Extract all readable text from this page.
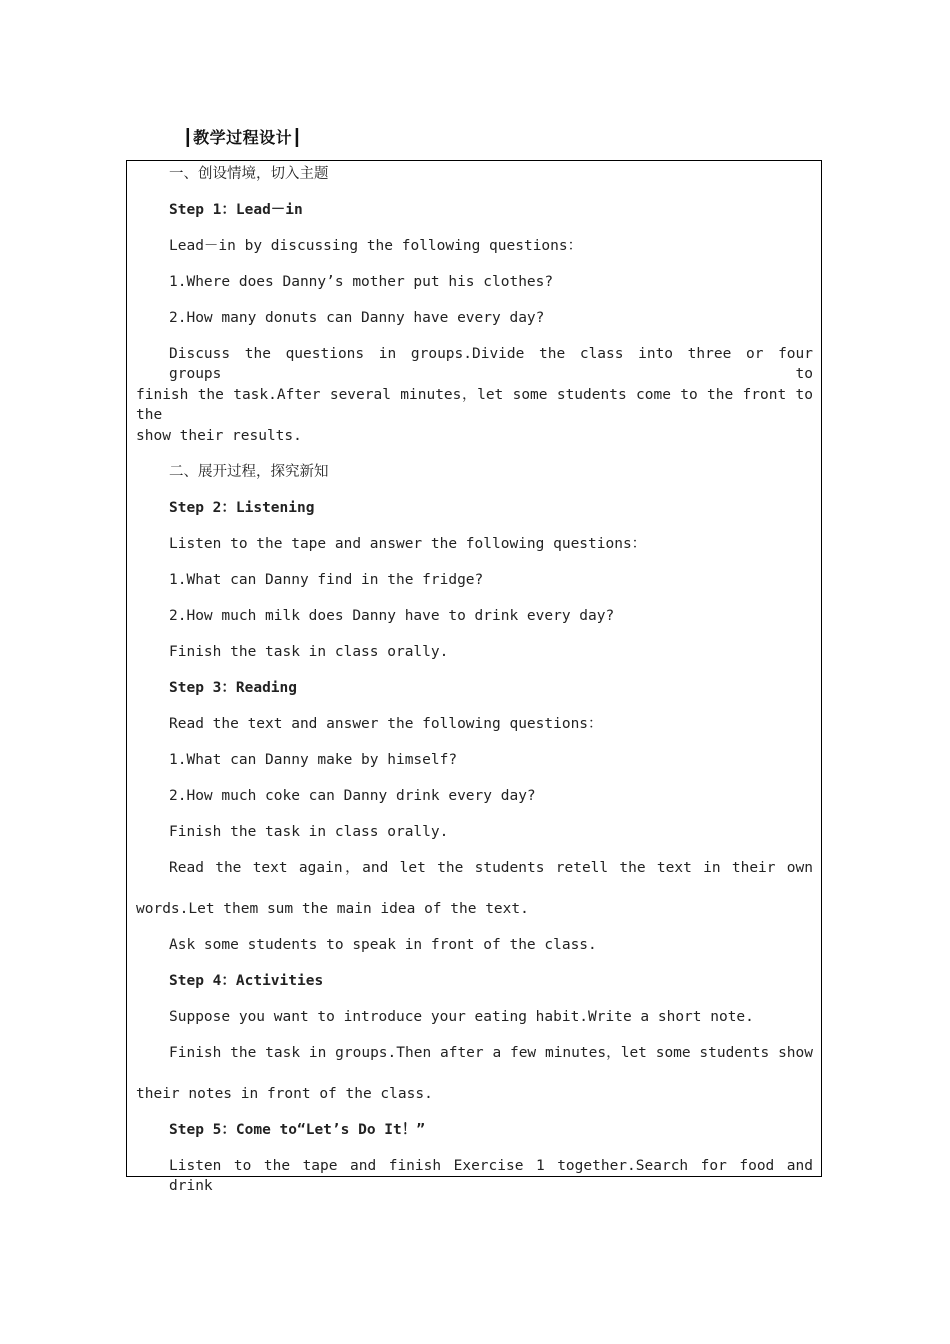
┃教学过程设计┃
一、创设情境，切入主题
Step 1：Lead－in
Lead－in by discussing the following questions：
1.Where does Danny’s mother put his clothes?
2.How many donuts can Danny have every day?
Discuss the questions in groups.Divide the class into three or four groups to
finish the task.After several minutes，let some students come to the front to the
show their results.
二、展开过程，探究新知
Step 2：Listening
Listen to the tape and answer the following questions：
1.What can Danny find in the fridge?
2.How much milk does Danny have to drink every day?
Finish the task in class orally.
Step 3：Reading
Read the text and answer the following questions：
1.What can Danny make by himself?
2.How much coke can Danny drink every day?
Finish the task in class orally.
Read the text again，and let the students retell the text in their own
words.Let them sum the main idea of the text.
Ask some students to speak in front of the class.
Step 4：Activities
Suppose you want to introduce your eating habit.Write a short note.
Finish the task in groups.Then after a few minutes，let some students show
their notes in front of the class.
Step 5：Come to“Let’s Do It！”
Listen to the tape and finish Exercise 1 together.Search for food and drink
